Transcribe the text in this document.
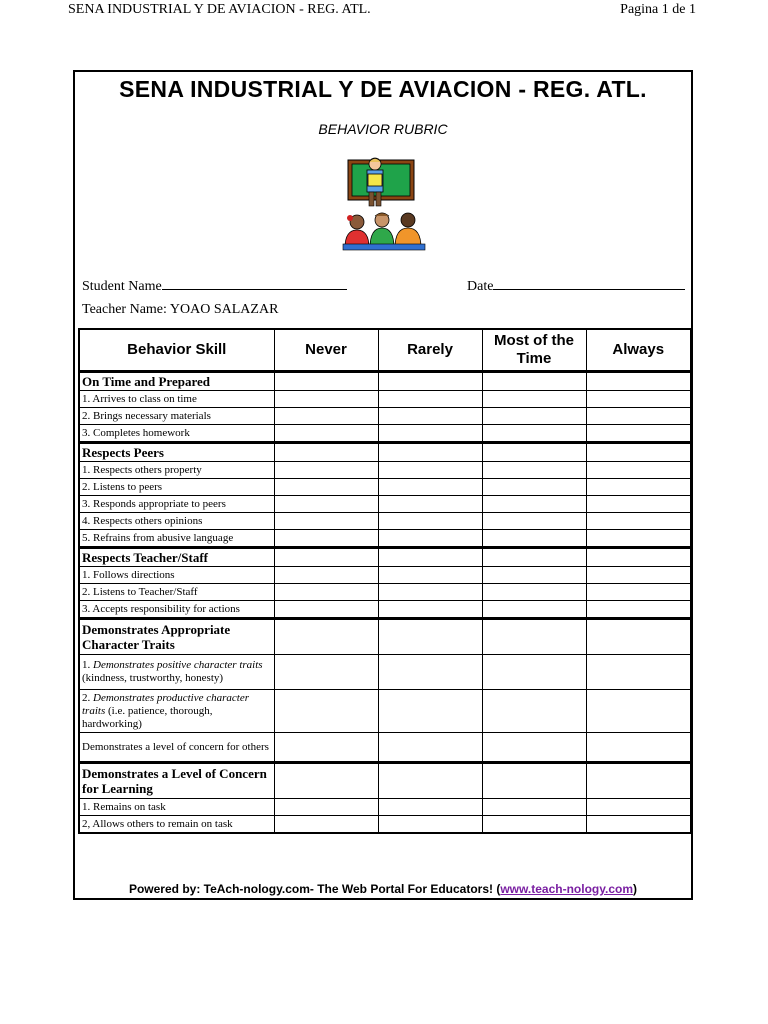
SENA INDUSTRIAL Y DE AVIACION - REG. ATL.	Pagina 1 de 1
SENA INDUSTRIAL Y DE AVIACION - REG. ATL.
BEHAVIOR RUBRIC
Student Name	Date
Teacher Name: YOAO SALAZAR
Behavior Skill	Never	Rarely	Most of the Time	Always
On Time and Prepared				
1. Arrives to class on time				
2. Brings necessary materials				
3. Completes homework				
Respects Peers				
1. Respects others property				
2. Listens to peers				
3. Responds appropriate to peers				
4. Respects others opinions				
5. Refrains from abusive language				
Respects Teacher/Staff				
1. Follows directions				
2. Listens to Teacher/Staff				
3. Accepts responsibility for actions				
Demonstrates Appropriate Character Traits				
1. Demonstrates positive character traits (kindness, trustworthy, honesty)				
2. Demonstrates productive character traits (i.e. patience, thorough, hardworking)				
Demonstrates a level of concern for others				
Demonstrates a Level of Concern for Learning				
1. Remains on task				
2, Allows others to remain on task				
Powered by: TeAch-nology.com- The Web Portal For Educators! (www.teach-nology.com)
